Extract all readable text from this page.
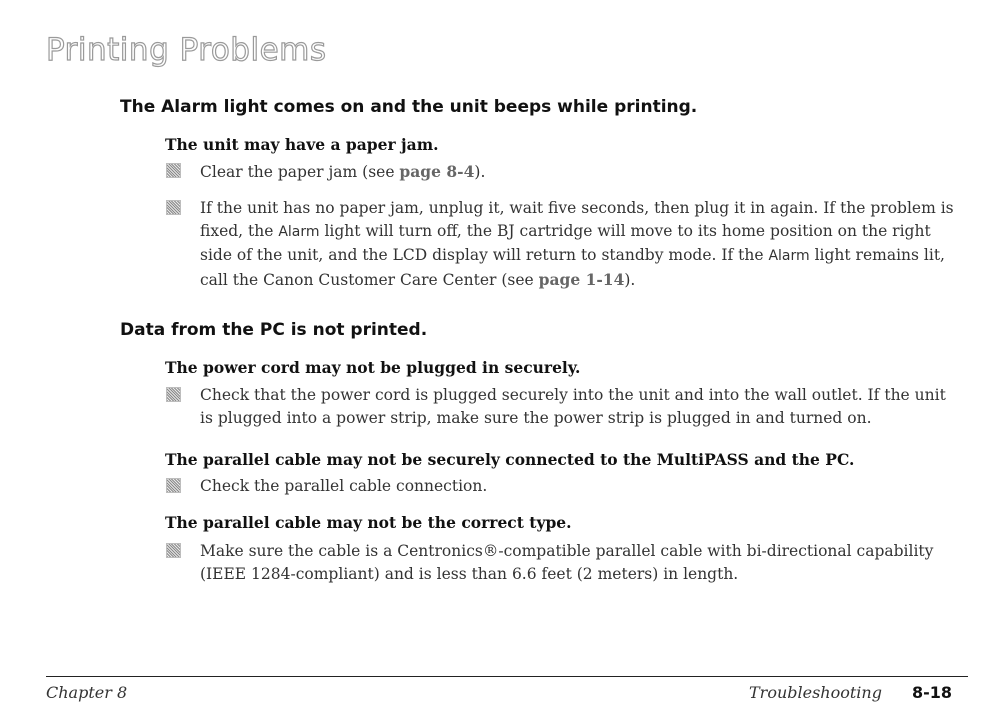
Printing Problems
The Alarm light comes on and the unit beeps while printing.
The unit may have a paper jam.
Clear the paper jam (see page 8-4).
If the unit has no paper jam, unplug it, wait five seconds, then plug it in again. If the problem is fixed, the Alarm light will turn off, the BJ cartridge will move to its home position on the right side of the unit, and the LCD display will return to standby mode. If the Alarm light remains lit, call the Canon Customer Care Center (see page 1-14).
Data from the PC is not printed.
The power cord may not be plugged in securely.
Check that the power cord is plugged securely into the unit and into the wall outlet. If the unit is plugged into a power strip, make sure the power strip is plugged in and turned on.
The parallel cable may not be securely connected to the MultiPASS and the PC.
Check the parallel cable connection.
The parallel cable may not be the correct type.
Make sure the cable is a Centronics®-compatible parallel cable with bi-directional capability (IEEE 1284-compliant) and is less than 6.6 feet (2 meters) in length.
Chapter 8	Troubleshooting 8-18
